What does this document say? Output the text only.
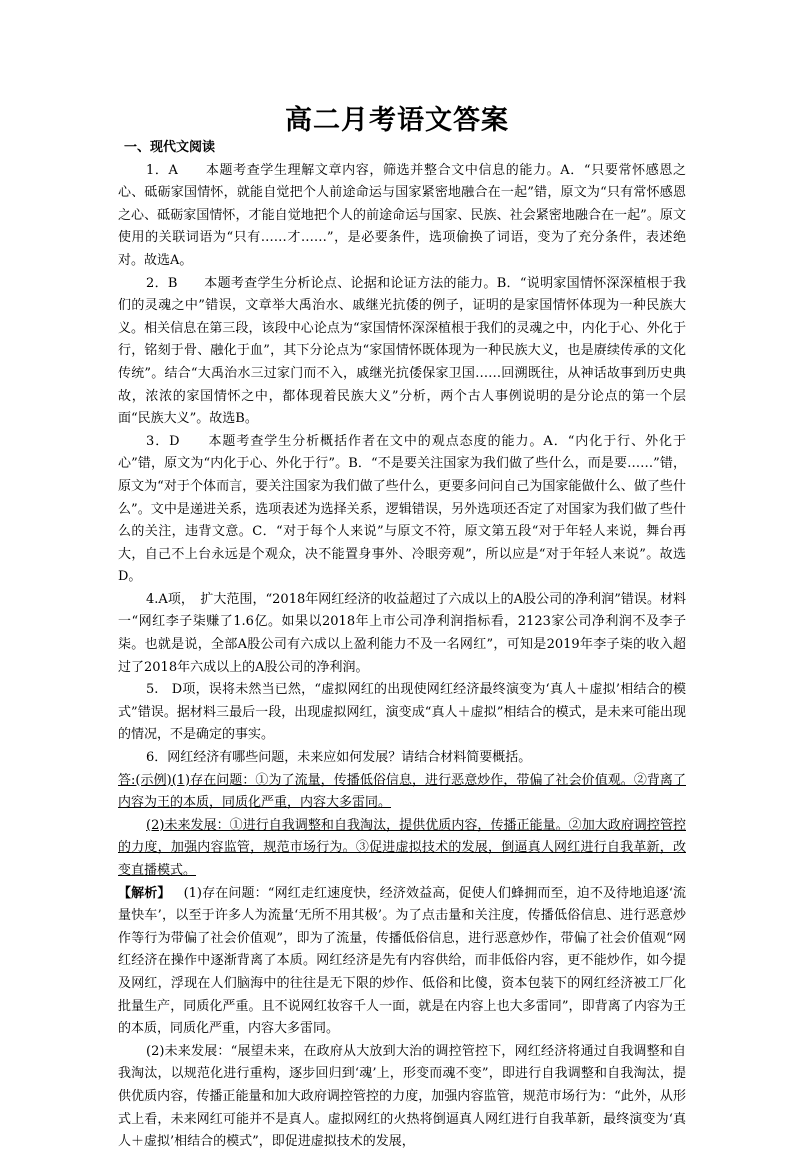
高二月考语文答案

一、现代文阅读

1．A　　本题考查学生理解文章内容，筛选并整合文中信息的能力。A．“只要常怀感恩之心、砥砺家国情怀，就能自觉把个人前途命运与国家紧密地融合在一起”错，原文为“只有常怀感恩之心、砥砺家国情怀，才能自觉地把个人的前途命运与国家、民族、社会紧密地融合在一起”。原文使用的关联词语为“只有……才……”，是必要条件，选项偷换了词语，变为了充分条件，表述绝对。故选A。

2．B　　本题考查学生分析论点、论据和论证方法的能力。B．“说明家国情怀深深植根于我们的灵魂之中”错误，文章举大禹治水、戚继光抗倭的例子，证明的是家国情怀体现为一种民族大义。相关信息在第三段，该段中心论点为“家国情怀深深植根于我们的灵魂之中，内化于心、外化于行，铭刻于骨、融化于血”，其下分论点为“家国情怀既体现为一种民族大义，也是赓续传承的文化传统”。结合“大禹治水三过家门而不入，戚继光抗倭保家卫国……回溯既往，从神话故事到历史典故，浓浓的家国情怀之中，都体现着民族大义”分析，两个古人事例说明的是分论点的第一个层面“民族大义”。故选B。

3．D　　本题考查学生分析概括作者在文中的观点态度的能力。A．“内化于行、外化于心”错，原文为“内化于心、外化于行”。B．“不是要关注国家为我们做了些什么，而是要……”错，原文为“对于个体而言，要关注国家为我们做了些什么，更要多问问自己为国家能做什么、做了些什么”。文中是递进关系，选项表述为选择关系，逻辑错误，另外选项还否定了对国家为我们做了些什么的关注，违背文意。C．“对于每个人来说”与原文不符，原文第五段“对于年轻人来说，舞台再大，自己不上台永远是个观众，决不能置身事外、冷眼旁观”，所以应是“对于年轻人来说”。故选D。

4.A项，　扩大范围，“2018年网红经济的收益超过了六成以上的A股公司的净利润”错误。材料一“网红李子柒赚了1.6亿。如果以2018年上市公司净利润指标看，2123家公司净利润不及李子柒。也就是说，全部A股公司有六成以上盈利能力不及一名网红”，可知是2019年李子柒的收入超过了2018年六成以上的A股公司的净利润。

5.　D项，误将未然当已然，“虚拟网红的出现使网红经济最终演变为‘真人＋虚拟’相结合的模式”错误。据材料三最后一段，出现虚拟网红，演变成“真人＋虚拟”相结合的模式，是未来可能出现的情况，不是确定的事实。

6．网红经济有哪些问题，未来应如何发展？请结合材料简要概括。

答:(示例)(1)存在问题：①为了流量，传播低俗信息，进行恶意炒作，带偏了社会价值观。②背离了内容为王的本质，同质化严重，内容大多雷同。

(2)未来发展：①进行自我调整和自我淘汰，提供优质内容，传播正能量。②加大政府调控管控的力度，加强内容监管，规范市场行为。③促进虚拟技术的发展，倒逼真人网红进行自我革新，改变直播模式。

【解析】  (1)存在问题：“网红走红速度快，经济效益高，促使人们蜂拥而至，迫不及待地追逐‘流量快车’，以至于许多人为流量‘无所不用其极’。为了点击量和关注度，传播低俗信息、进行恶意炒作等行为带偏了社会价值观”，即为了流量，传播低俗信息，进行恶意炒作，带偏了社会价值观“网红经济在操作中逐渐背离了本质。网红经济是先有内容供给，而非低俗内容，更不能炒作，如今提及网红，浮现在人们脑海中的往往是无下限的炒作、低俗和比傻，资本包装下的网红经济被工厂化批量生产，同质化严重。且不说网红妆容千人一面，就是在内容上也大多雷同”，即背离了内容为王的本质，同质化严重，内容大多雷同。

(2)未来发展：“展望未来，在政府从大放到大治的调控管控下，网红经济将通过自我调整和自我淘汰，以规范化进行重构，逐步回归到‘魂’上，形变而魂不变”，即进行自我调整和自我淘汰，提供优质内容，传播正能量和加大政府调控管控的力度，加强内容监管，规范市场行为：“此外，从形式上看，未来网红可能并不是真人。虚拟网红的火热将倒逼真人网红进行自我革新，最终演变为‘真人＋虚拟’相结合的模式”，即促进虚拟技术的发展，
